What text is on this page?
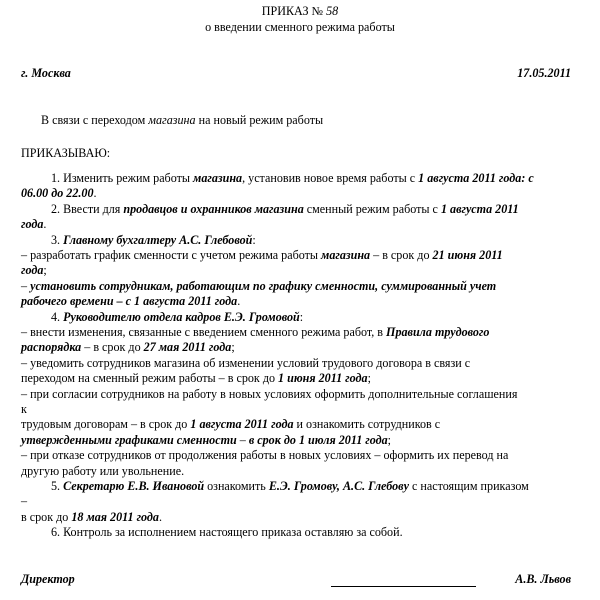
ПРИКАЗ № 58
о введении сменного режима работы
г. Москва	17.05.2011
В связи с переходом магазина на новый режим работы
ПРИКАЗЫВАЮ:
1. Изменить режим работы магазина, установив новое время работы с 1 августа 2011 года: с
06.00 до 22.00.
2. Ввести для продавцов и охранников магазина сменный режим работы с 1 августа 2011
года.
3. Главному бухгалтеру А.С. Глебовой:
– разработать график сменности с учетом режима работы магазина – в срок до 21 июня 2011
года;
– установить сотрудникам, работающим по графику сменности, суммированный учет
рабочего времени – с 1 августа 2011 года.
4. Руководителю отдела кадров Е.Э. Громовой:
– внести изменения, связанные с введением сменного режима работ, в Правила трудового
распорядка – в срок до 27 мая 2011 года;
– уведомить сотрудников магазина об изменении условий трудового договора в связи с
переходом на сменный режим работы – в срок до 1 июня 2011 года;
– при согласии сотрудников на работу в новых условиях оформить дополнительные соглашения
к
трудовым договорам – в срок до 1 августа 2011 года и ознакомить сотрудников с
утвержденными графиками сменности – в срок до 1 июля 2011 года;
– при отказе сотрудников от продолжения работы в новых условиях – оформить их перевод на
другую работу или увольнение.
5. Секретарю Е.В. Ивановой ознакомить Е.Э. Громову, А.С. Глебову с настоящим приказом
–
в срок до 18 мая 2011 года.
6. Контроль за исполнением настоящего приказа оставляю за собой.
Директор	А.В. Львов
